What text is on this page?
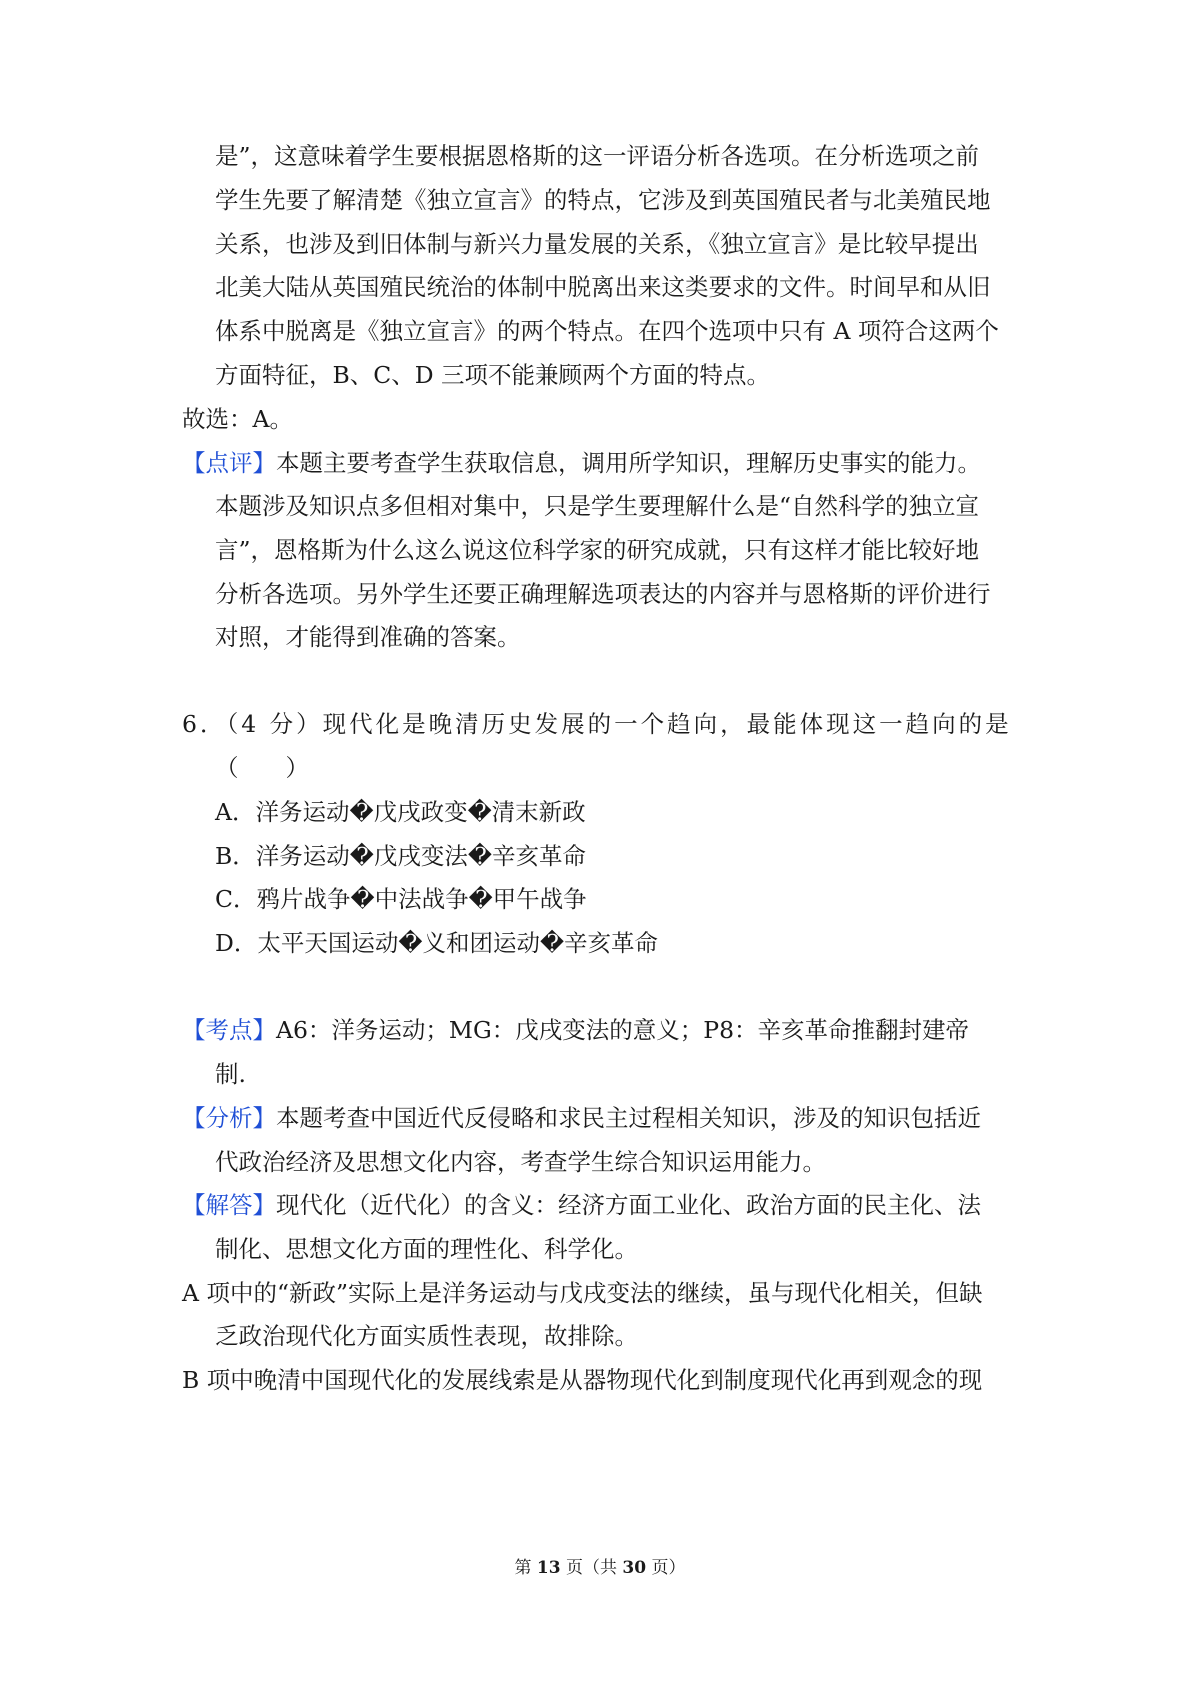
是”，这意味着学生要根据恩格斯的这一评语分析各选项。在分析选项之前
学生先要了解清楚《独立宣言》的特点，它涉及到英国殖民者与北美殖民地
关系，也涉及到旧体制与新兴力量发展的关系，《独立宣言》是比较早提出
北美大陆从英国殖民统治的体制中脱离出来这类要求的文件。时间早和从旧
体系中脱离是《独立宣言》的两个特点。在四个选项中只有 A 项符合这两个
方面特征，B、C、D 三项不能兼顾两个方面的特点。
故选：A。
【点评】本题主要考查学生获取信息，调用所学知识，理解历史事实的能力。
本题涉及知识点多但相对集中，只是学生要理解什么是“自然科学的独立宣
言”，恩格斯为什么这么说这位科学家的研究成就，只有这样才能比较好地
分析各选项。另外学生还要正确理解选项表达的内容并与恩格斯的评价进行
对照，才能得到准确的答案。
6．（4 分）现代化是晚清历史发展的一个趋向，最能体现这一趋向的是
（　　）
A．洋务运动�戊戌政变�清末新政
B．洋务运动�戊戌变法�辛亥革命
C．鸦片战争�中法战争�甲午战争
D．太平天国运动�义和团运动�辛亥革命
【考点】A6：洋务运动；MG：戊戌变法的意义；P8：辛亥革命推翻封建帝
制.
【分析】本题考查中国近代反侵略和求民主过程相关知识，涉及的知识包括近
代政治经济及思想文化内容，考查学生综合知识运用能力。
【解答】现代化（近代化）的含义：经济方面工业化、政治方面的民主化、法
制化、思想文化方面的理性化、科学化。
A 项中的“新政”实际上是洋务运动与戊戌变法的继续，虽与现代化相关，但缺
乏政治现代化方面实质性表现，故排除。
B 项中晚清中国现代化的发展线索是从器物现代化到制度现代化再到观念的现
第 13 页（共 30 页）
